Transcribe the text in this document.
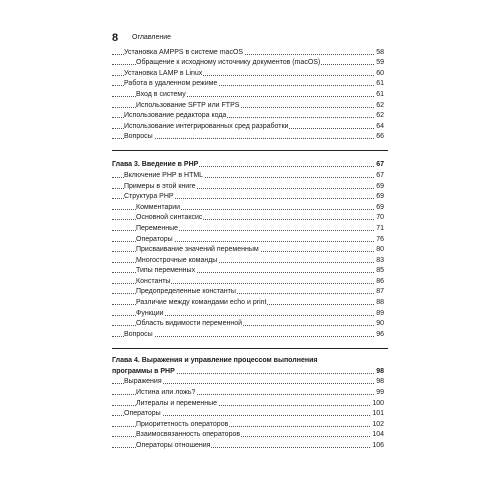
8 Оглавление
Установка AMPPS в системе macOS	58
Обращение к исходному источнику документов (macOS)	59
Установка LAMP в Linux	60
Работа в удаленном режиме	61
Вход в систему	61
Использование SFTP или FTPS	62
Использование редактора кода	62
Использование интегрированных сред разработки	64
Вопросы	66
Глава 3. Введение в PHP	67
Включение PHP в HTML	67
Примеры в этой книге	69
Структура PHP	69
Комментарии	69
Основной синтаксис	70
Переменные	71
Операторы	76
Присваивание значений переменным	80
Многострочные команды	83
Типы переменных	85
Константы	86
Предопределенные константы	87
Различие между командами echo и print	88
Функции	89
Область видимости переменной	90
Вопросы	96
Глава 4. Выражения и управление процессом выполнения
программы в PHP	98
Выражения	98
Истина или ложь?	99
Литералы и переменные	100
Операторы	101
Приоритетность операторов	102
Взаимосвязанность операторов	104
Операторы отношения	106
